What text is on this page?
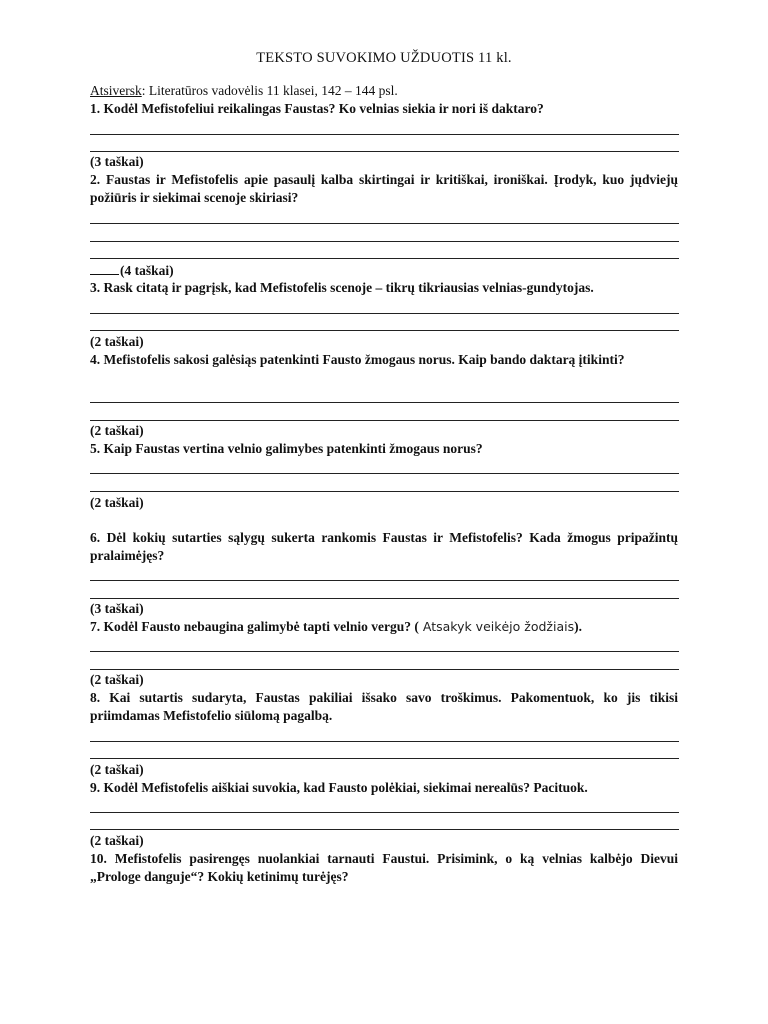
TEKSTO SUVOKIMO UŽDUOTIS 11 kl.
Atsiversk: Literatūros vadovėlis 11 klasei, 142 – 144 psl.
1. Kodėl Mefistofeliui reikalingas Faustas? Ko velnias siekia ir nori iš daktaro?
(3 taškai)
2. Faustas ir Mefistofelis apie pasaulį kalba skirtingai ir kritiškai, ironiškai. Įrodyk, kuo jųdviejų požiūris ir siekimai scenoje skiriasi?
(4 taškai)
3. Rask citatą ir pagrįsk, kad Mefistofelis scenoje – tikrų tikriausias velnias-gundytojas.
(2 taškai)
4. Mefistofelis sakosi galėsiąs patenkinti Fausto žmogaus norus. Kaip bando daktarą įtikinti?
(2 taškai)
5. Kaip Faustas vertina velnio galimybes patenkinti žmogaus norus?
(2 taškai)
6. Dėl kokių sutarties sąlygų sukerta rankomis Faustas ir Mefistofelis? Kada žmogus pripažintų pralaimėjęs?
(3 taškai)
7. Kodėl Fausto nebaugina galimybė tapti velnio vergu? ( Atsakyk veikėjo žodžiais).
(2 taškai)
8. Kai sutartis sudaryta, Faustas pakiliai išsako savo troškimus. Pakomentuok, ko jis tikisi priimdamas Mefistofelio siūlomą pagalbą.
(2 taškai)
9. Kodėl Mefistofelis aiškiai suvokia, kad Fausto polėkiai, siekimai nerealūs? Pacituok.
(2 taškai)
10. Mefistofelis pasirengęs nuolankiai tarnauti Faustui. Prisimink, o ką velnias kalbėjo Dievui „Prologe danguje“? Kokių ketinimų turėjęs?
